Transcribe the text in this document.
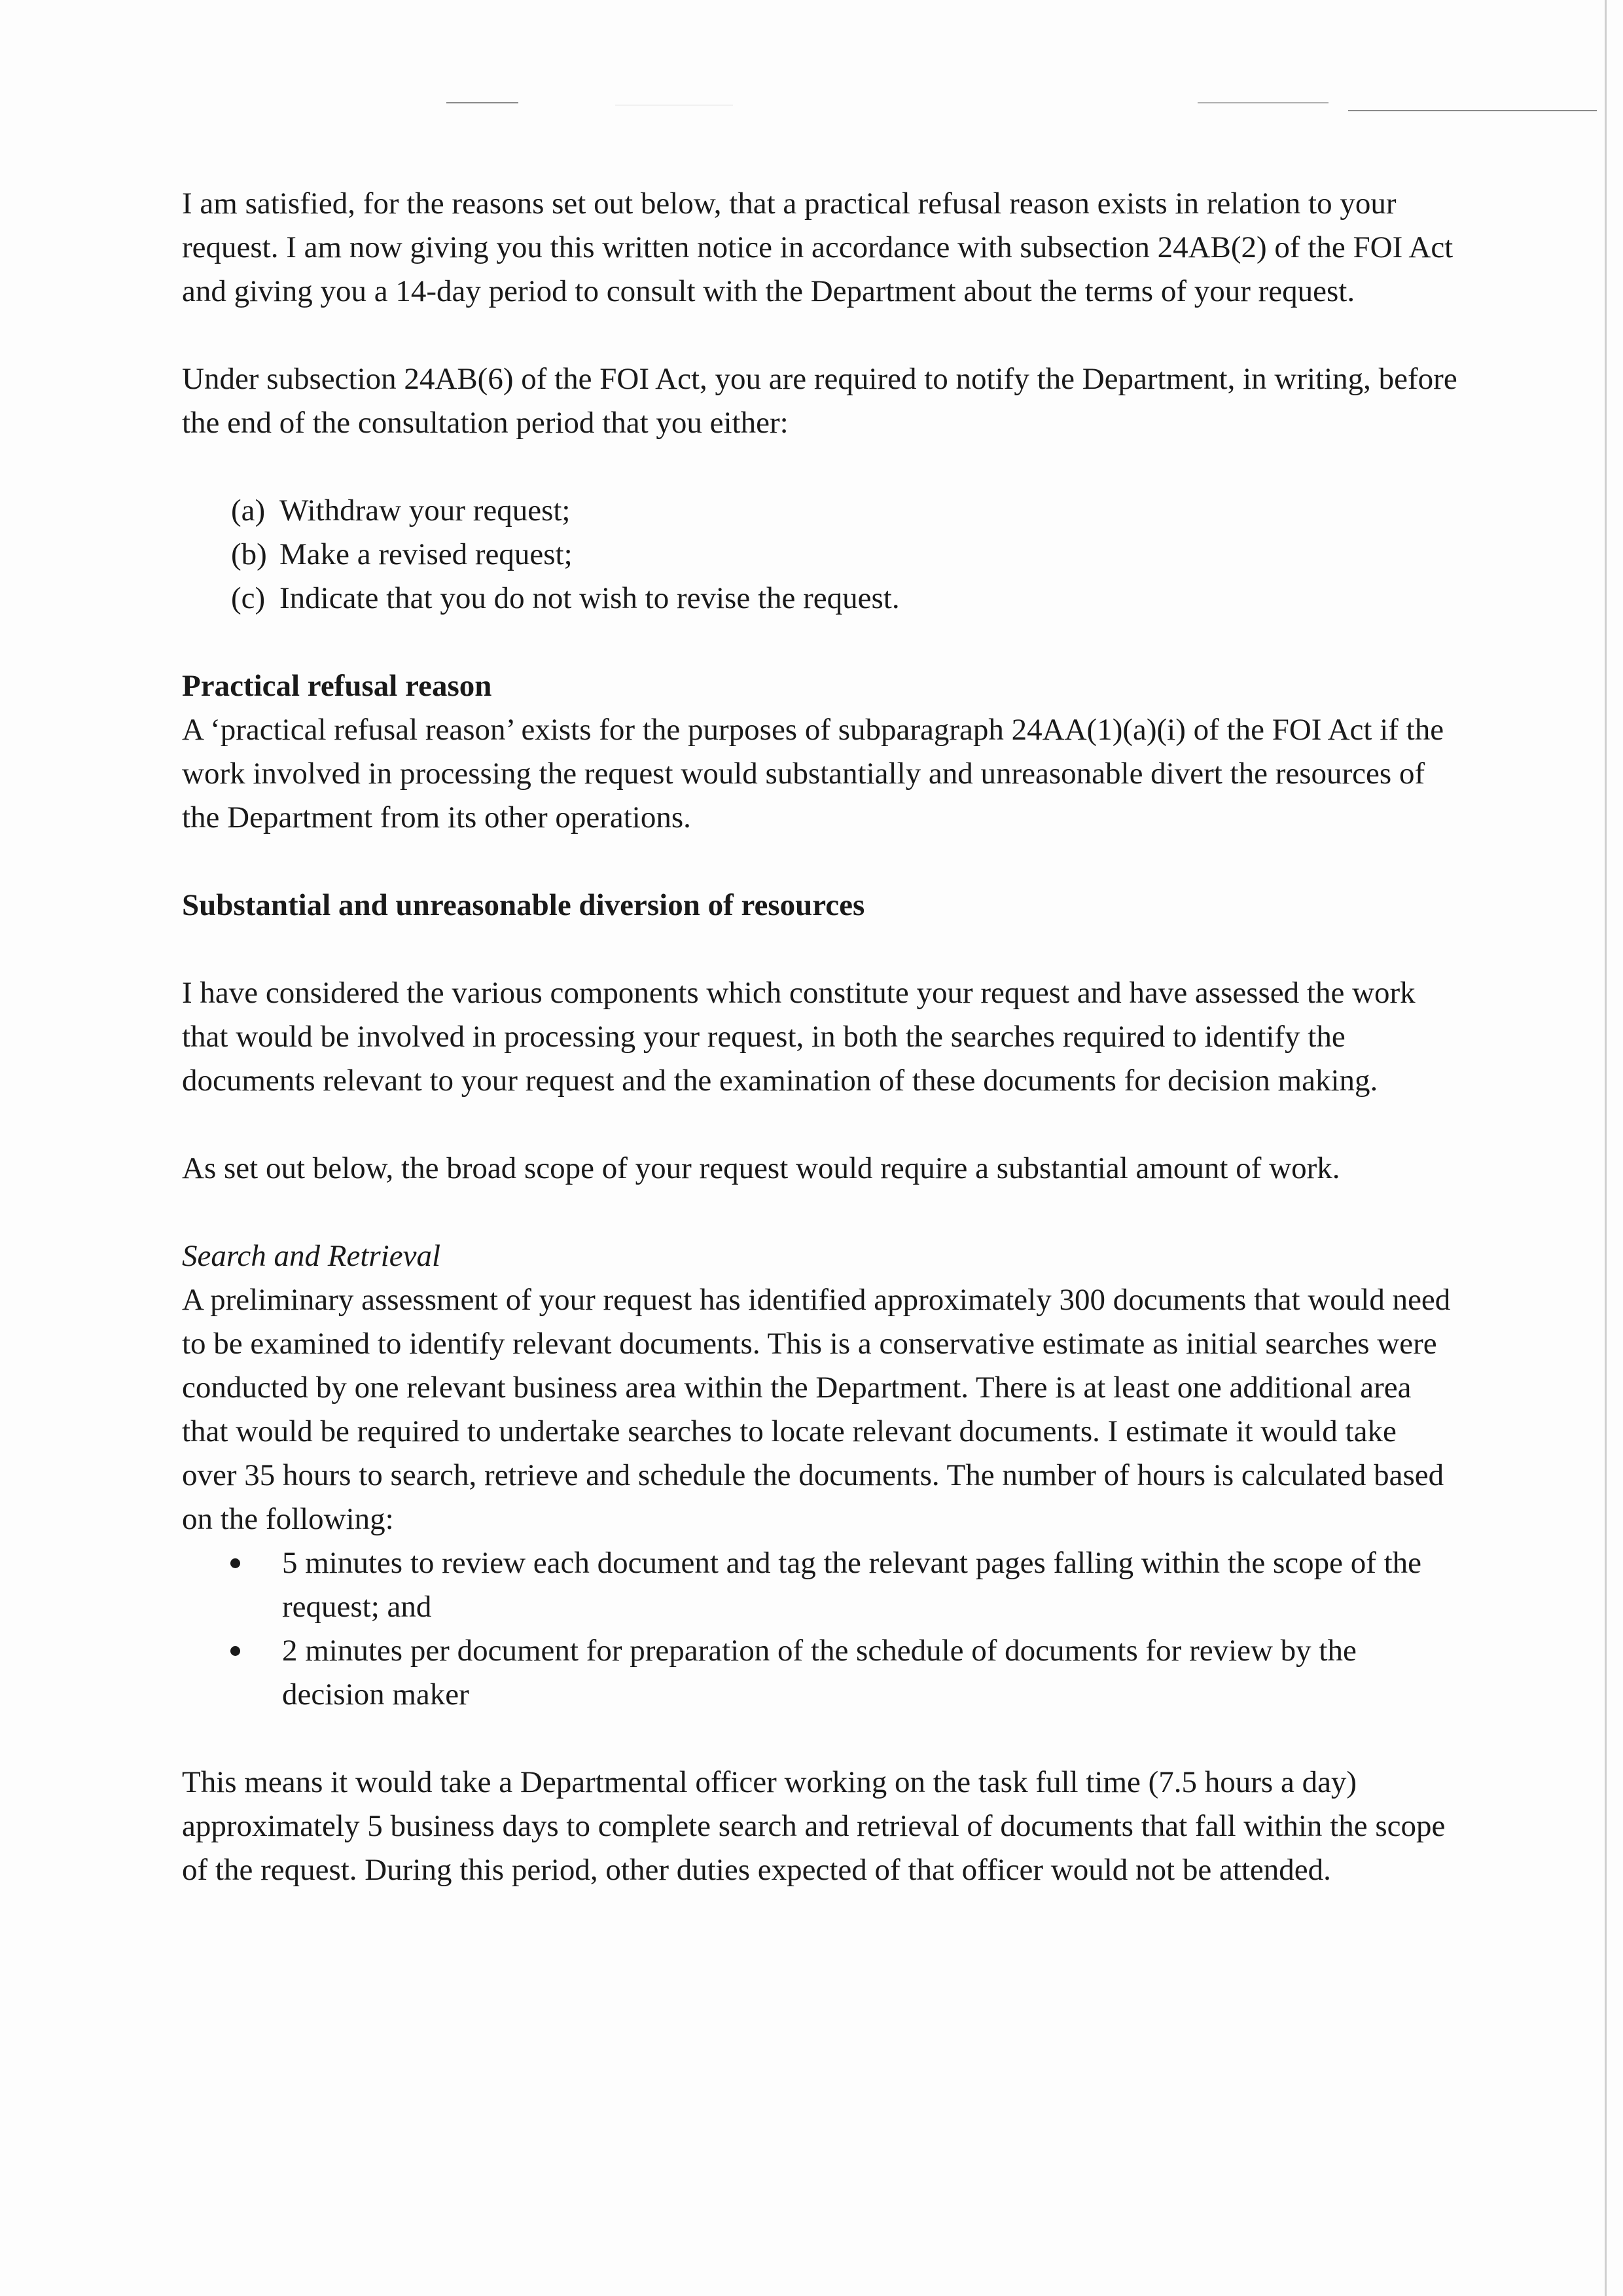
I am satisfied, for the reasons set out below, that a practical refusal reason exists in relation to your request. I am now giving you this written notice in accordance with subsection 24AB(2) of the FOI Act and giving you a 14-day period to consult with the Department about the terms of your request.

Under subsection 24AB(6) of the FOI Act, you are required to notify the Department, in writing, before the end of the consultation period that you either:

(a) Withdraw your request;
(b) Make a revised request;
(c) Indicate that you do not wish to revise the request.

Practical refusal reason

A ‘practical refusal reason’ exists for the purposes of subparagraph 24AA(1)(a)(i) of the FOI Act if the work involved in processing the request would substantially and unreasonable divert the resources of the Department from its other operations.

Substantial and unreasonable diversion of resources

I have considered the various components which constitute your request and have assessed the work that would be involved in processing your request, in both the searches required to identify the documents relevant to your request and the examination of these documents for decision making.

As set out below, the broad scope of your request would require a substantial amount of work.

Search and Retrieval

A preliminary assessment of your request has identified approximately 300 documents that would need to be examined to identify relevant documents. This is a conservative estimate as initial searches were conducted by one relevant business area within the Department. There is at least one additional area that would be required to undertake searches to locate relevant documents. I estimate it would take over 35 hours to search, retrieve and schedule the documents. The number of hours is calculated based on the following:

5 minutes to review each document and tag the relevant pages falling within the scope of the request; and
2 minutes per document for preparation of the schedule of documents for review by the decision maker

This means it would take a Departmental officer working on the task full time (7.5 hours a day) approximately 5 business days to complete search and retrieval of documents that fall within the scope of the request. During this period, other duties expected of that officer would not be attended.
